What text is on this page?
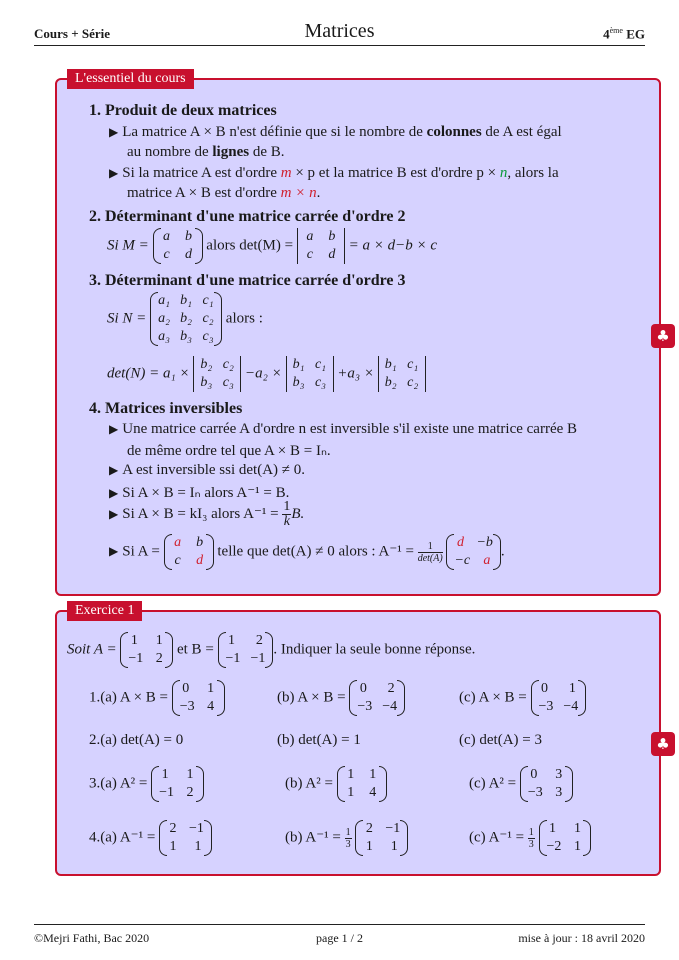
Cours + Série	Matrices	4ème EG
L'essentiel du cours
1. Produit de deux matrices
▶ La matrice A × B n'est définie que si le nombre de colonnes de A est égal
au nombre de lignes de B.
▶ Si la matrice A est d'ordre m × p et la matrice B est d'ordre p × n, alors la
matrice A × B est d'ordre m × n.
2. Déterminant d'une matrice carrée d'ordre 2
Si M =
a b
c d
alors det(M) =
a b
c d
= a × d−b × c
3. Déterminant d'une matrice carrée d'ordre 3
Si N =
a₁ b₁ c₁
a₂ b₂ c₂
a₃ b₃ c₃
alors :
det(N) = a₁ ×
b₂ c₂
b₃ c₃
−a₂ ×
b₁ c₁
b₃ c₃
+a₃ ×
b₁ c₁
b₂ c₂
4. Matrices inversibles
▶ Une matrice carrée A d'ordre n est inversible s'il existe une matrice carrée B
de même ordre tel que A × B = Iₙ.
▶ A est inversible ssi det(A) ≠ 0.
▶ Si A × B = Iₙ alors A⁻¹ = B.
▶ Si A × B = kI₃ alors $A^{-1} = \frac{1}{k}B$.
▶ Si A =
a b
c d
telle que det(A) ≠ 0 alors : $A^{-1} = \frac{1}{\det(A)}$ d −b
−c a
.
Exercice 1
Soit A =
1 1
−1 2
et B =
1 2
−1 −1
. Indiquer la seule bonne réponse.
1.(a) A × B =
0 1
−3 4
(b) A × B =
0 2
−3 −4
(c) A × B =
0 1
−3 −4
2.(a) det(A) = 0	(b) det(A) = 1	(c) det(A) = 3
3.(a) A² =
1 1
−1 2
(b) A² =
1 1
1 4
(c) A² =
0 3
−3 3
4.(a) A⁻¹ =
2 −1
1 1
(b) $A^{-1} = \frac{1}{3} 2 -1$
1 1
(c) $A^{-1} = \frac{1}{3} 1$ 1
−2 1
♣
♣
©Mejri Fathi, Bac 2020	page 1 / 2	mise à jour : 18 avril 2020
